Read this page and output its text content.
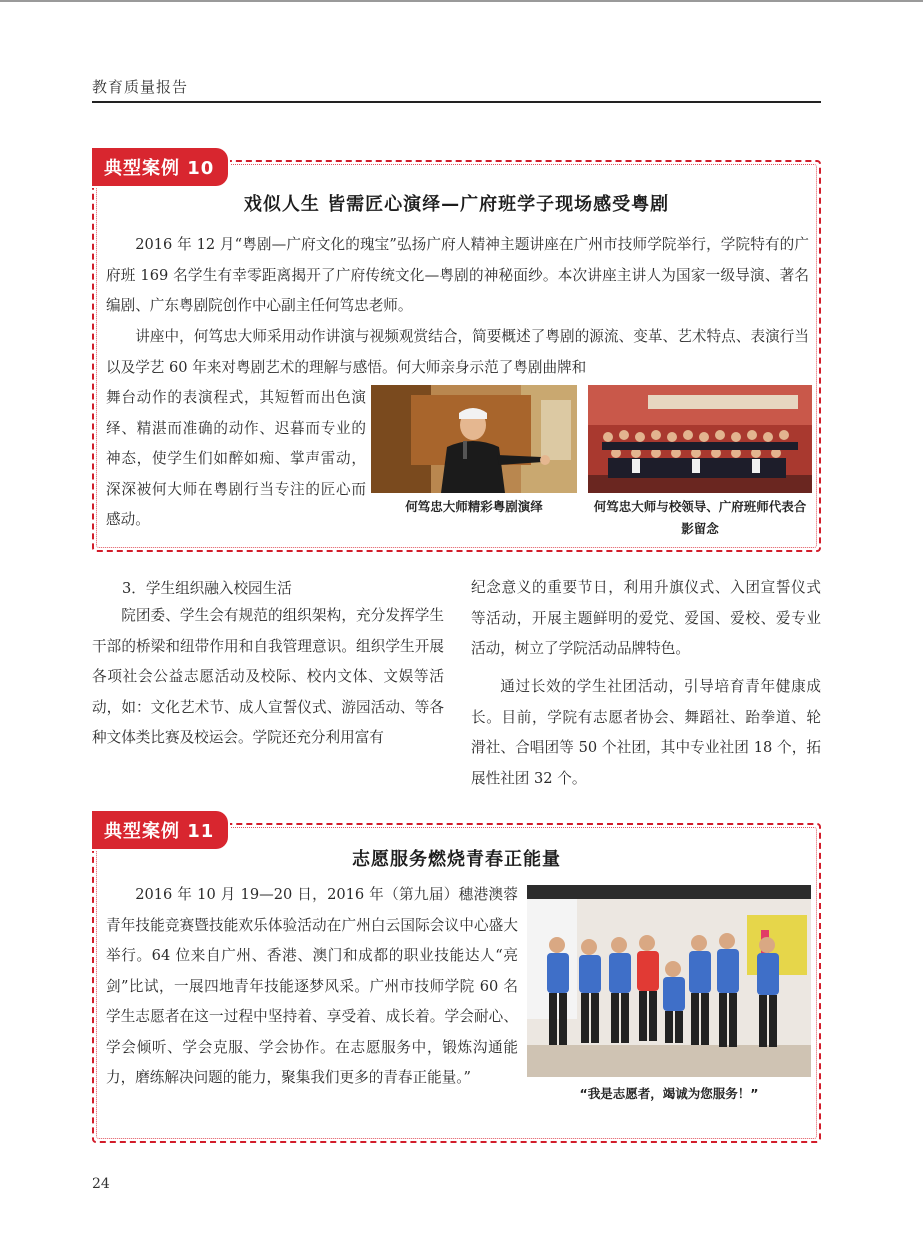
教育质量报告
典型案例 10
戏似人生 皆需匠心演绎—广府班学子现场感受粤剧
2016 年 12 月“粤剧—广府文化的瑰宝”弘扬广府人精神主题讲座在广州市技师学院举行，学院特有的广府班 169 名学生有幸零距离揭开了广府传统文化—粤剧的神秘面纱。本次讲座主讲人为国家一级导演、著名编剧、广东粤剧院创作中心副主任何笃忠老师。
讲座中，何笃忠大师采用动作讲演与视频观赏结合，简要概述了粤剧的源流、变革、艺术特点、表演行当以及学艺 60 年来对粤剧艺术的理解与感悟。何大师亲身示范了粤剧曲牌和
舞台动作的表演程式，其短暂而出色演绎、精湛而准确的动作、迟暮而专业的神态，使学生们如醉如痴、掌声雷动，深深被何大师在粤剧行当专注的匠心而感动。
何笃忠大师精彩粤剧演绎	何笃忠大师与校领导、广府班师代表合影留念
3．学生组织融入校园生活
院团委、学生会有规范的组织架构，充分发挥学生干部的桥梁和纽带作用和自我管理意识。组织学生开展各项社会公益志愿活动及校际、校内文体、文娱等活动，如：文化艺术节、成人宣誓仪式、游园活动、等各种文体类比赛及校运会。学院还充分利用富有
纪念意义的重要节日，利用升旗仪式、入团宣誓仪式等活动，开展主题鲜明的爱党、爱国、爱校、爱专业活动，树立了学院活动品牌特色。
通过长效的学生社团活动，引导培育青年健康成长。目前，学院有志愿者协会、舞蹈社、跆拳道、轮滑社、合唱团等 50 个社团，其中专业社团 18 个，拓展性社团 32 个。
典型案例 11
志愿服务燃烧青春正能量
2016 年 10 月 19—20 日，2016 年（第九届）穗港澳蓉青年技能竞赛暨技能欢乐体验活动在广州白云国际会议中心盛大举行。64 位来自广州、香港、澳门和成都的职业技能达人“亮剑”比试，一展四地青年技能逐梦风采。广州市技师学院 60 名学生志愿者在这一过程中坚持着、享受着、成长着。学会耐心、学会倾听、学会克服、学会协作。在志愿服务中，锻炼沟通能力，磨练解决问题的能力，聚集我们更多的青春正能量。”
“我是志愿者，竭诚为您服务！”
24
